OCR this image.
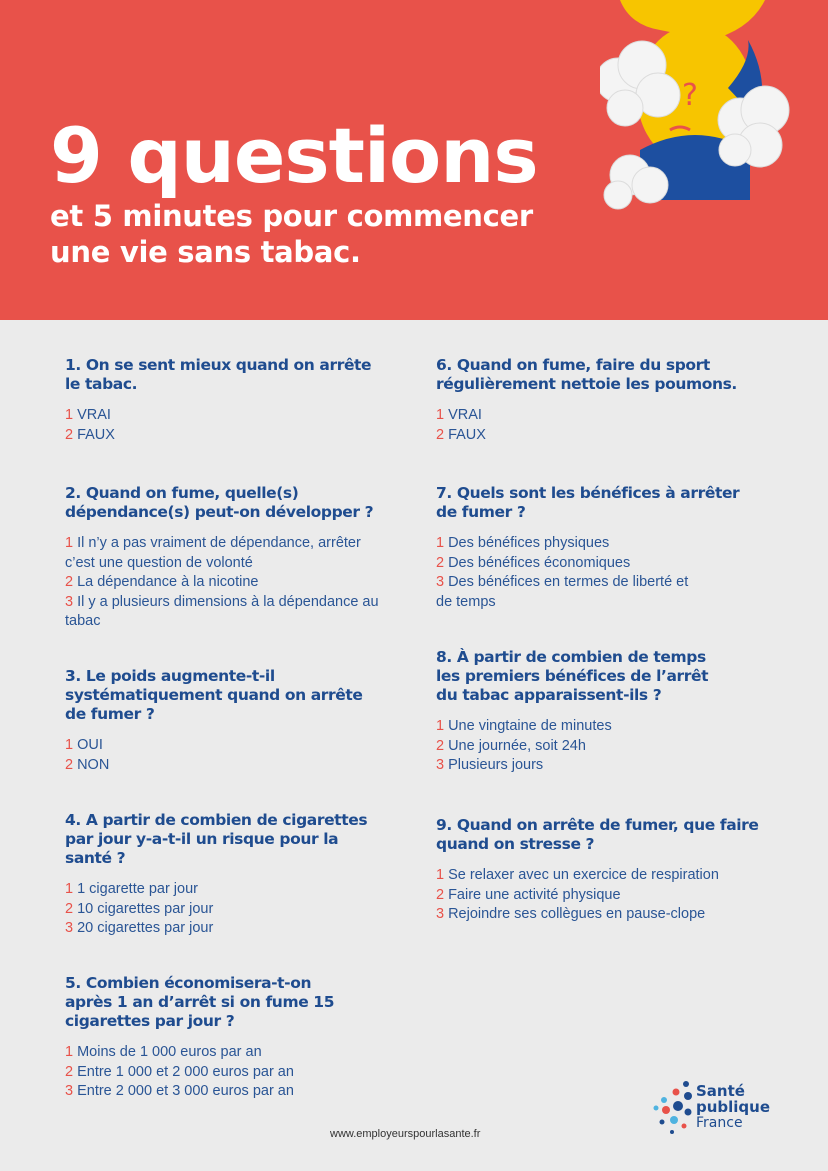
?
9 questions
et 5 minutes pour commencer
une vie sans tabac.
1. On se sent mieux quand on arrête le tabac.
1 VRAI
2 FAUX
2. Quand on fume, quelle(s) dépendance(s) peut-on développer ?
1 Il n’y a pas vraiment de dépendance, arrêter c’est une question de volonté
2 La dépendance à la nicotine
3 Il y a plusieurs dimensions à la dépendance au tabac
3. Le poids augmente-t-il systématiquement quand on arrête de fumer ?
1 OUI
2 NON
4. A partir de combien de cigarettes par jour y-a-t-il un risque pour la santé ?
1 1 cigarette par jour
2 10 cigarettes par jour
3 20 cigarettes par jour
5. Combien économisera-t-on après 1 an d’arrêt si on fume 15 cigarettes par jour ?
1 Moins de 1 000 euros par an
2 Entre 1 000 et 2 000 euros par an
3 Entre 2 000 et 3 000 euros par an
6. Quand on fume, faire du sport régulièrement nettoie les poumons.
1 VRAI
2 FAUX
7. Quels sont les bénéfices à arrêter de fumer ?
1 Des bénéfices physiques
2 Des bénéfices économiques
3 Des bénéfices en termes de liberté et de temps
8. À partir de combien de temps les premiers bénéfices de l’arrêt du tabac apparaissent-ils ?
1 Une vingtaine de minutes
2 Une journée, soit 24h
3 Plusieurs jours
9. Quand on arrête de fumer, que faire quand on stresse ?
1 Se relaxer avec un exercice de respiration
2 Faire une activité physique
3 Rejoindre ses collègues en pause-clope
www.employeurspourlasante.fr
Santé
publique
France
